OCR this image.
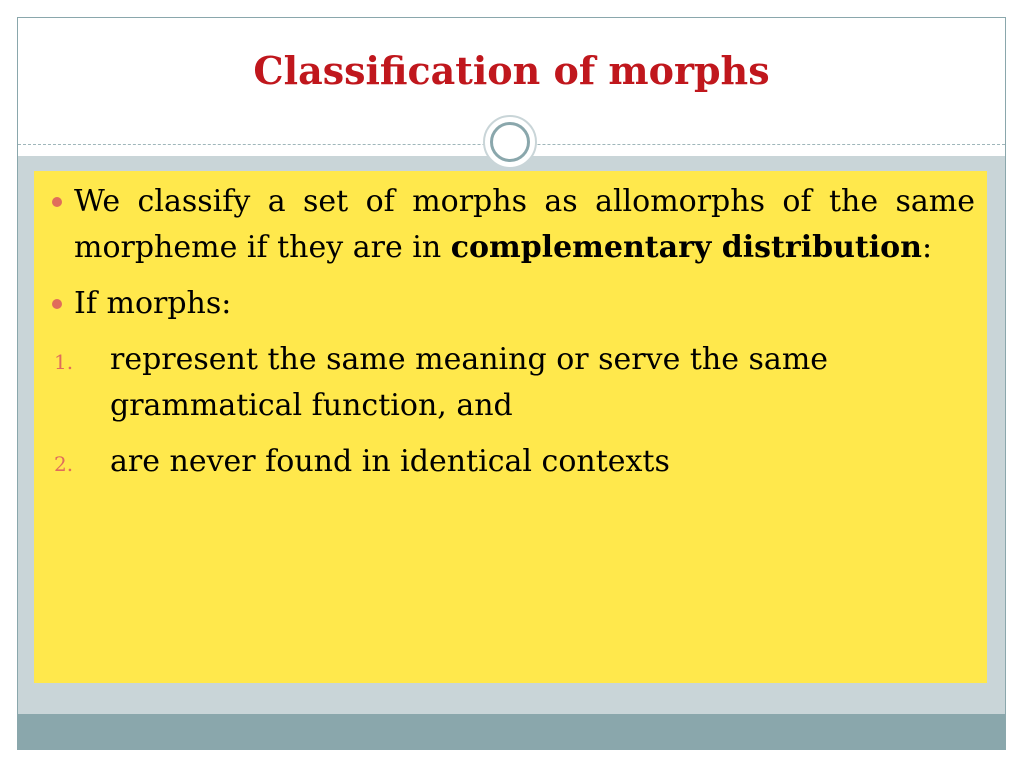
Classification of morphs
We classify a set of morphs as allomorphs of the same morpheme if they are in complementary distribution:
If morphs:
1. represent the same meaning or serve the same grammatical function, and
2. are never found in identical contexts
